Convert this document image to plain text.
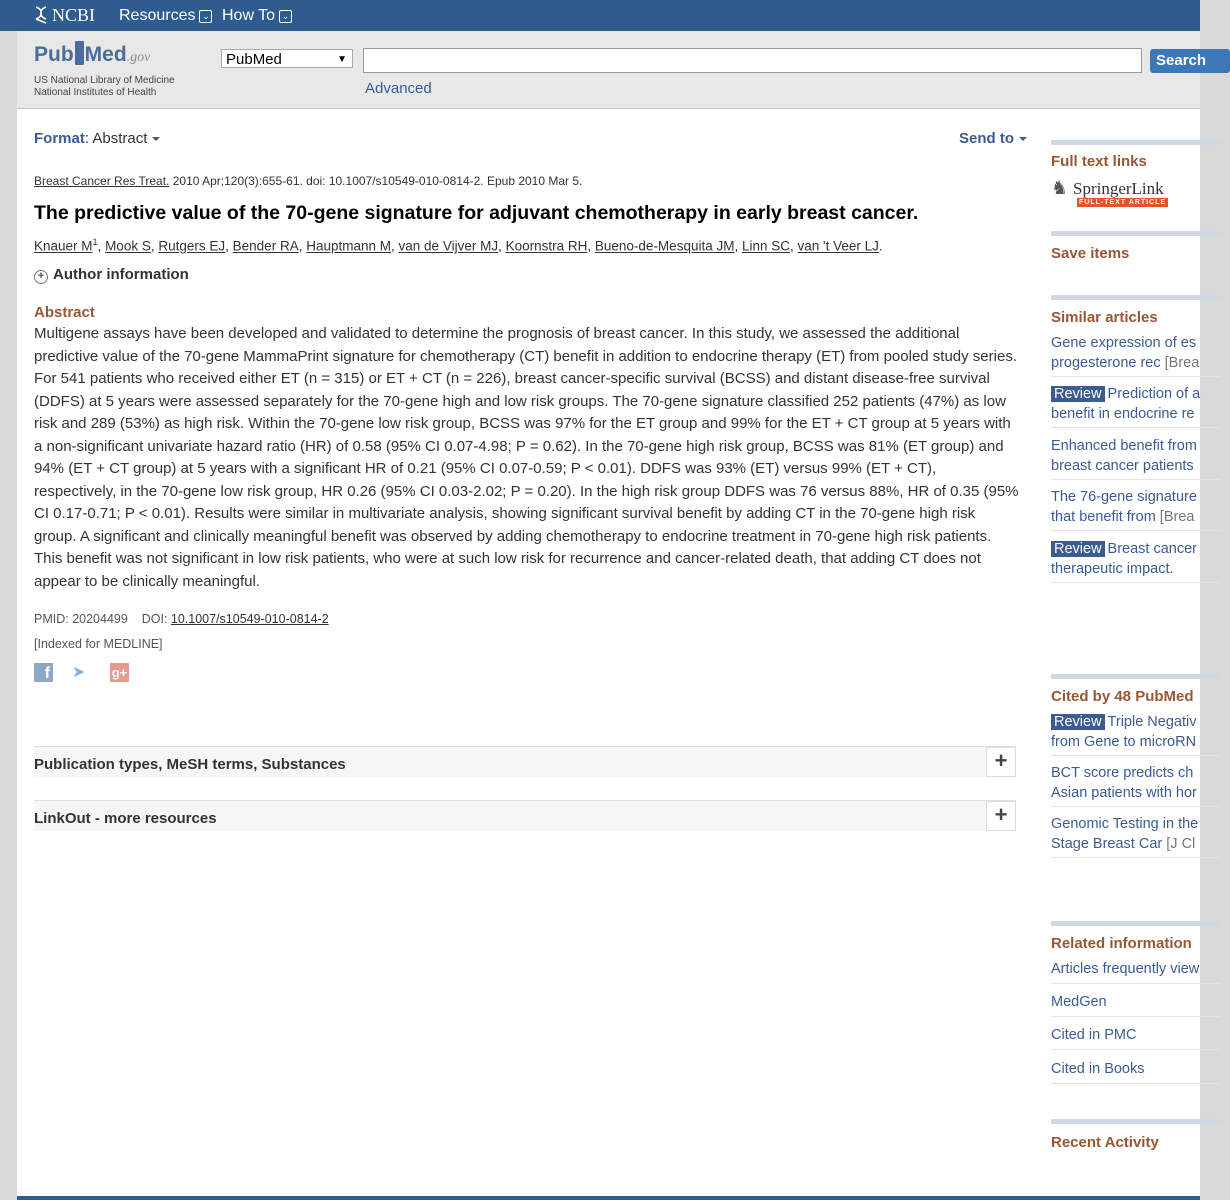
NCBI Resources ⌄ How To ⌄
Pub Med.gov
US National Library of Medicine
National Institutes of Health
PubMed	▼	Search
Advanced
Format: Abstract	Send to
Breast Cancer Res Treat. 2010 Apr;120(3):655-61. doi: 10.1007/s10549-010-0814-2. Epub 2010 Mar 5.
The predictive value of the 70-gene signature for adjuvant chemotherapy in early breast cancer.
Knauer $M^1$, Mook S, Rutgers EJ, Bender RA, Hauptmann M, van de Vijver MJ, Koornstra RH, Bueno-de-Mesquita JM, Linn SC, van 't Veer LJ.
+ Author information
Abstract
Multigene assays have been developed and validated to determine the prognosis of breast cancer. In this study, we assessed the additional predictive value of the 70-gene MammaPrint signature for chemotherapy (CT) benefit in addition to endocrine therapy (ET) from pooled study series. For 541 patients who received either ET (n = 315) or ET + CT (n = 226), breast cancer-specific survival (BCSS) and distant disease-free survival (DDFS) at 5 years were assessed separately for the 70-gene high and low risk groups. The 70-gene signature classified 252 patients (47%) as low risk and 289 (53%) as high risk. Within the 70-gene low risk group, BCSS was 97% for the ET group and 99% for the ET + CT group at 5 years with a non-significant univariate hazard ratio (HR) of 0.58 (95% CI 0.07-4.98; P = 0.62). In the 70-gene high risk group, BCSS was 81% (ET group) and 94% (ET + CT group) at 5 years with a significant HR of 0.21 (95% CI 0.07-0.59; P < 0.01). DDFS was 93% (ET) versus 99% (ET + CT), respectively, in the 70-gene low risk group, HR 0.26 (95% CI 0.03-2.02; P = 0.20). In the high risk group DDFS was 76 versus 88%, HR of 0.35 (95% CI 0.17-0.71; P < 0.01). Results were similar in multivariate analysis, showing significant survival benefit by adding CT in the 70-gene high risk group. A significant and clinically meaningful benefit was observed by adding chemotherapy to endocrine treatment in 70-gene high risk patients. This benefit was not significant in low risk patients, who were at such low risk for recurrence and cancer-related death, that adding CT does not appear to be clinically meaningful.
PMID: 20204499 DOI: 10.1007/s10549-010-0814-2
[Indexed for MEDLINE]
f ➤ g+
Publication types, MeSH terms, Substances	+
LinkOut - more resources	+
Full text links
♞ SpringerLink
FULL-TEXT ARTICLE
Save items
Similar articles
Gene expression of es
progesterone rec [Brea
Review Prediction of a
benefit in endocrine re
Enhanced benefit from
breast cancer patients
The 76-gene signature
that benefit from [Brea
Review Breast cancer
therapeutic impact.
Cited by 48 PubMed
Review Triple Negativ
from Gene to microRN
BCT score predicts ch
Asian patients with hor
Genomic Testing in the
Stage Breast Car [J Cl
Related information
Articles frequently view
MedGen
Cited in PMC
Cited in Books
Recent Activity
